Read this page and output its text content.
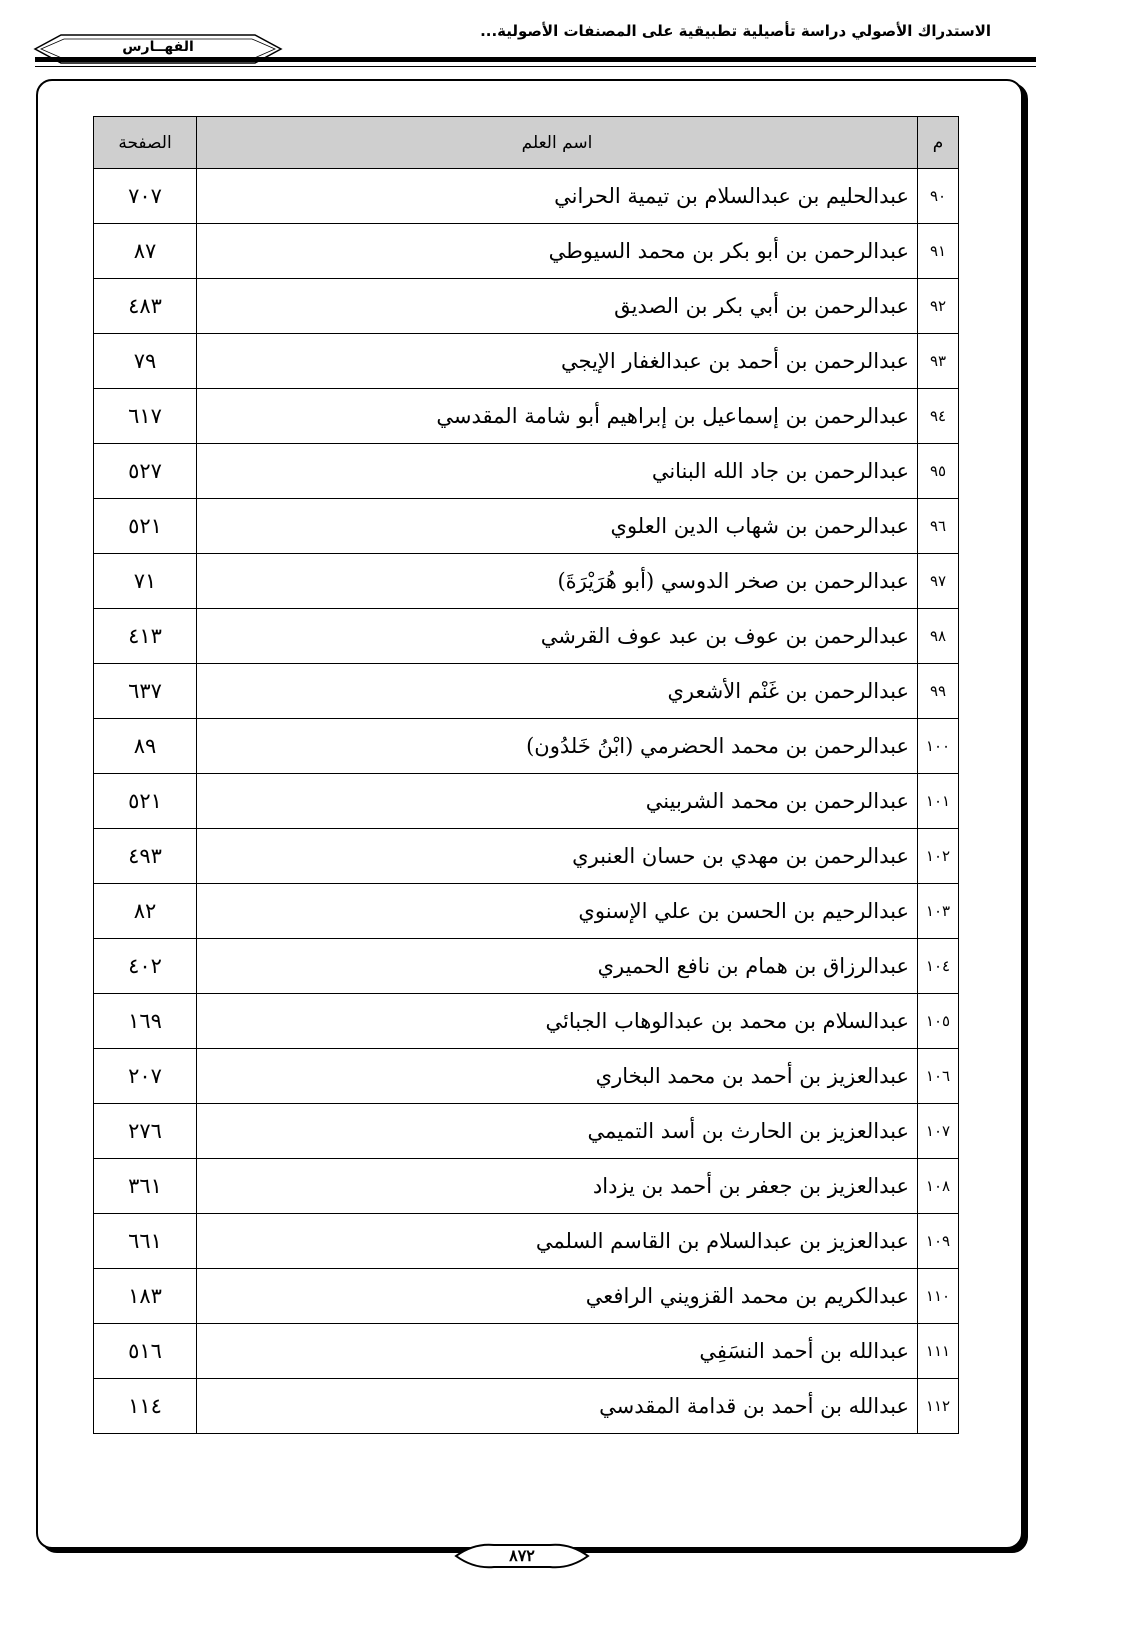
الاستدراك الأصولي دراسة تأصيلية تطبيقية على المصنفات الأصولية...
الفهــارس
م	اسم العلم	الصفحة
٩٠	عبدالحليم بن عبدالسلام بن تيمية الحراني	٧٠٧
٩١	عبدالرحمن بن أبو بكر بن محمد السيوطي	٨٧
٩٢	عبدالرحمن بن أبي بكر بن الصديق	٤٨٣
٩٣	عبدالرحمن بن أحمد بن عبدالغفار الإيجي	٧٩
٩٤	عبدالرحمن بن إسماعيل بن إبراهيم أبو شامة المقدسي	٦١٧
٩٥	عبدالرحمن بن جاد الله البناني	٥٢٧
٩٦	عبدالرحمن بن شهاب الدين العلوي	٥٢١
٩٧	عبدالرحمن بن صخر الدوسي (أبو هُرَيْرَةَ)	٧١
٩٨	عبدالرحمن بن عوف بن عبد عوف القرشي	٤١٣
٩٩	عبدالرحمن بن غَنْم الأشعري	٦٣٧
١٠٠	عبدالرحمن بن محمد الحضرمي (ابْنُ خَلدُون)	٨٩
١٠١	عبدالرحمن بن محمد الشربيني	٥٢١
١٠٢	عبدالرحمن بن مهدي بن حسان العنبري	٤٩٣
١٠٣	عبدالرحيم بن الحسن بن علي الإسنوي	٨٢
١٠٤	عبدالرزاق بن همام بن نافع الحميري	٤٠٢
١٠٥	عبدالسلام بن محمد بن عبدالوهاب الجبائي	١٦٩
١٠٦	عبدالعزيز بن أحمد بن محمد البخاري	٢٠٧
١٠٧	عبدالعزيز بن الحارث بن أسد التميمي	٢٧٦
١٠٨	عبدالعزيز بن جعفر بن أحمد بن يزداد	٣٦١
١٠٩	عبدالعزيز بن عبدالسلام بن القاسم السلمي	٦٦١
١١٠	عبدالكريم بن محمد القزويني الرافعي	١٨٣
١١١	عبدالله بن أحمد النسَفِي	٥١٦
١١٢	عبدالله بن أحمد بن قدامة المقدسي	١١٤
٨٧٢
